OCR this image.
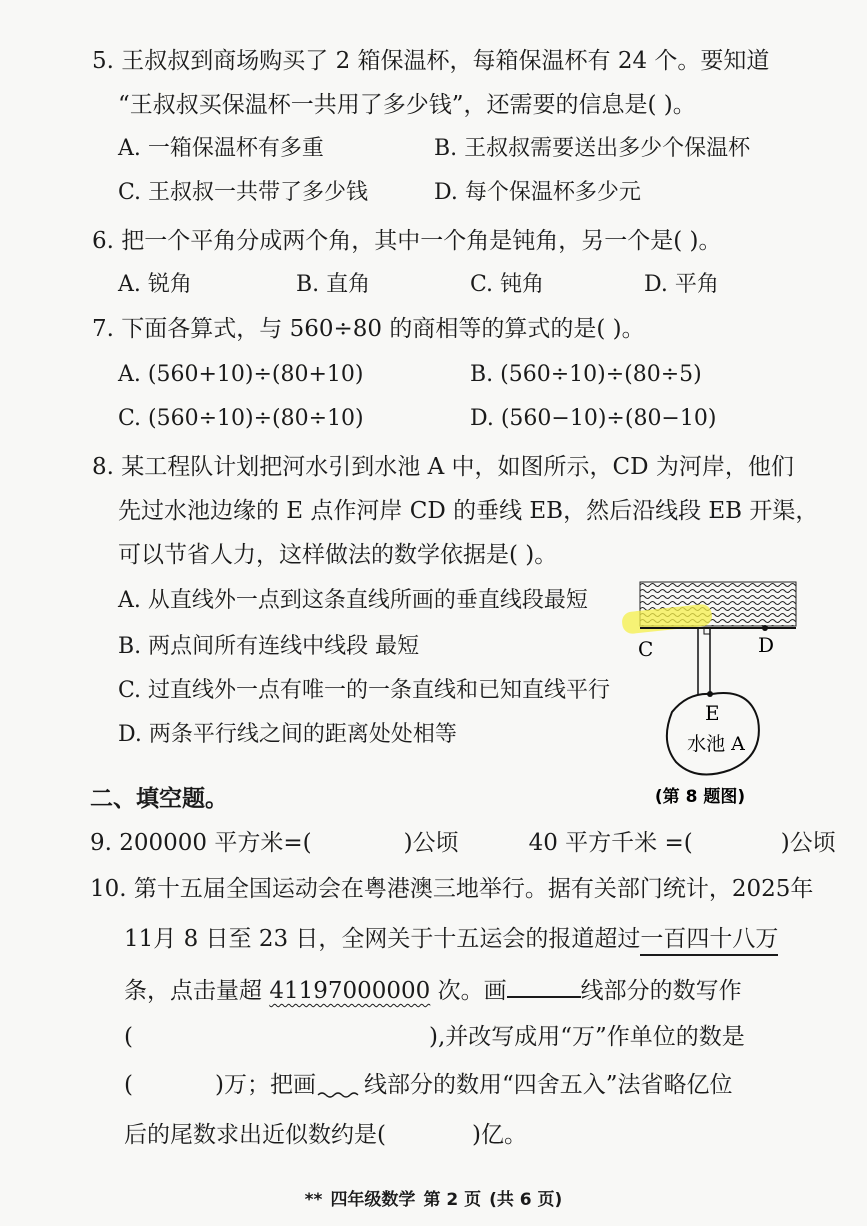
5. 王叔叔到商场购买了 2 箱保温杯，每箱保温杯有 24 个。要知道
“王叔叔买保温杯一共用了多少钱”，还需要的信息是( )。
A. 一箱保温杯有多重	B. 王叔叔需要送出多少个保温杯
C. 王叔叔一共带了多少钱	D. 每个保温杯多少元
6. 把一个平角分成两个角，其中一个角是钝角，另一个是( )。
A. 锐角	B. 直角	C. 钝角	D. 平角
7. 下面各算式，与 560÷80 的商相等的算式的是( )。
A. (560+10)÷(80+10)	B. (560÷10)÷(80÷5)
C. (560÷10)÷(80÷10)	D. (560−10)÷(80−10)
8. 某工程队计划把河水引到水池 A 中，如图所示，CD 为河岸，他们
先过水池边缘的 E 点作河岸 CD 的垂线 EB，然后沿线段 EB 开渠，
可以节省人力，这样做法的数学依据是( )。
A. 从直线外一点到这条直线所画的垂直线段最短
B. 两点间所有连线中线段 最短
C. 过直线外一点有唯一的一条直线和已知直线平行
D. 两条平行线之间的距离处处相等
C	D
E
水池 A
(第 8 题图)
二、填空题。
9. 200000 平方米=(	)公顷	40 平方千米 =(	)公顷
10. 第十五届全国运动会在粤港澳三地举行。据有关部门统计，2025年
11月 8 日至 23 日，全网关于十五运会的报道超过一百四十八万
条，点击量超 41197000000 次。画	线部分的数写作
(	),并改写成用“万”作单位的数是
(	)万；把画 线部分的数用“四舍五入”法省略亿位
后的尾数求出近似数约是(	)亿。
** 四年级数学 第 2 页 (共 6 页)
